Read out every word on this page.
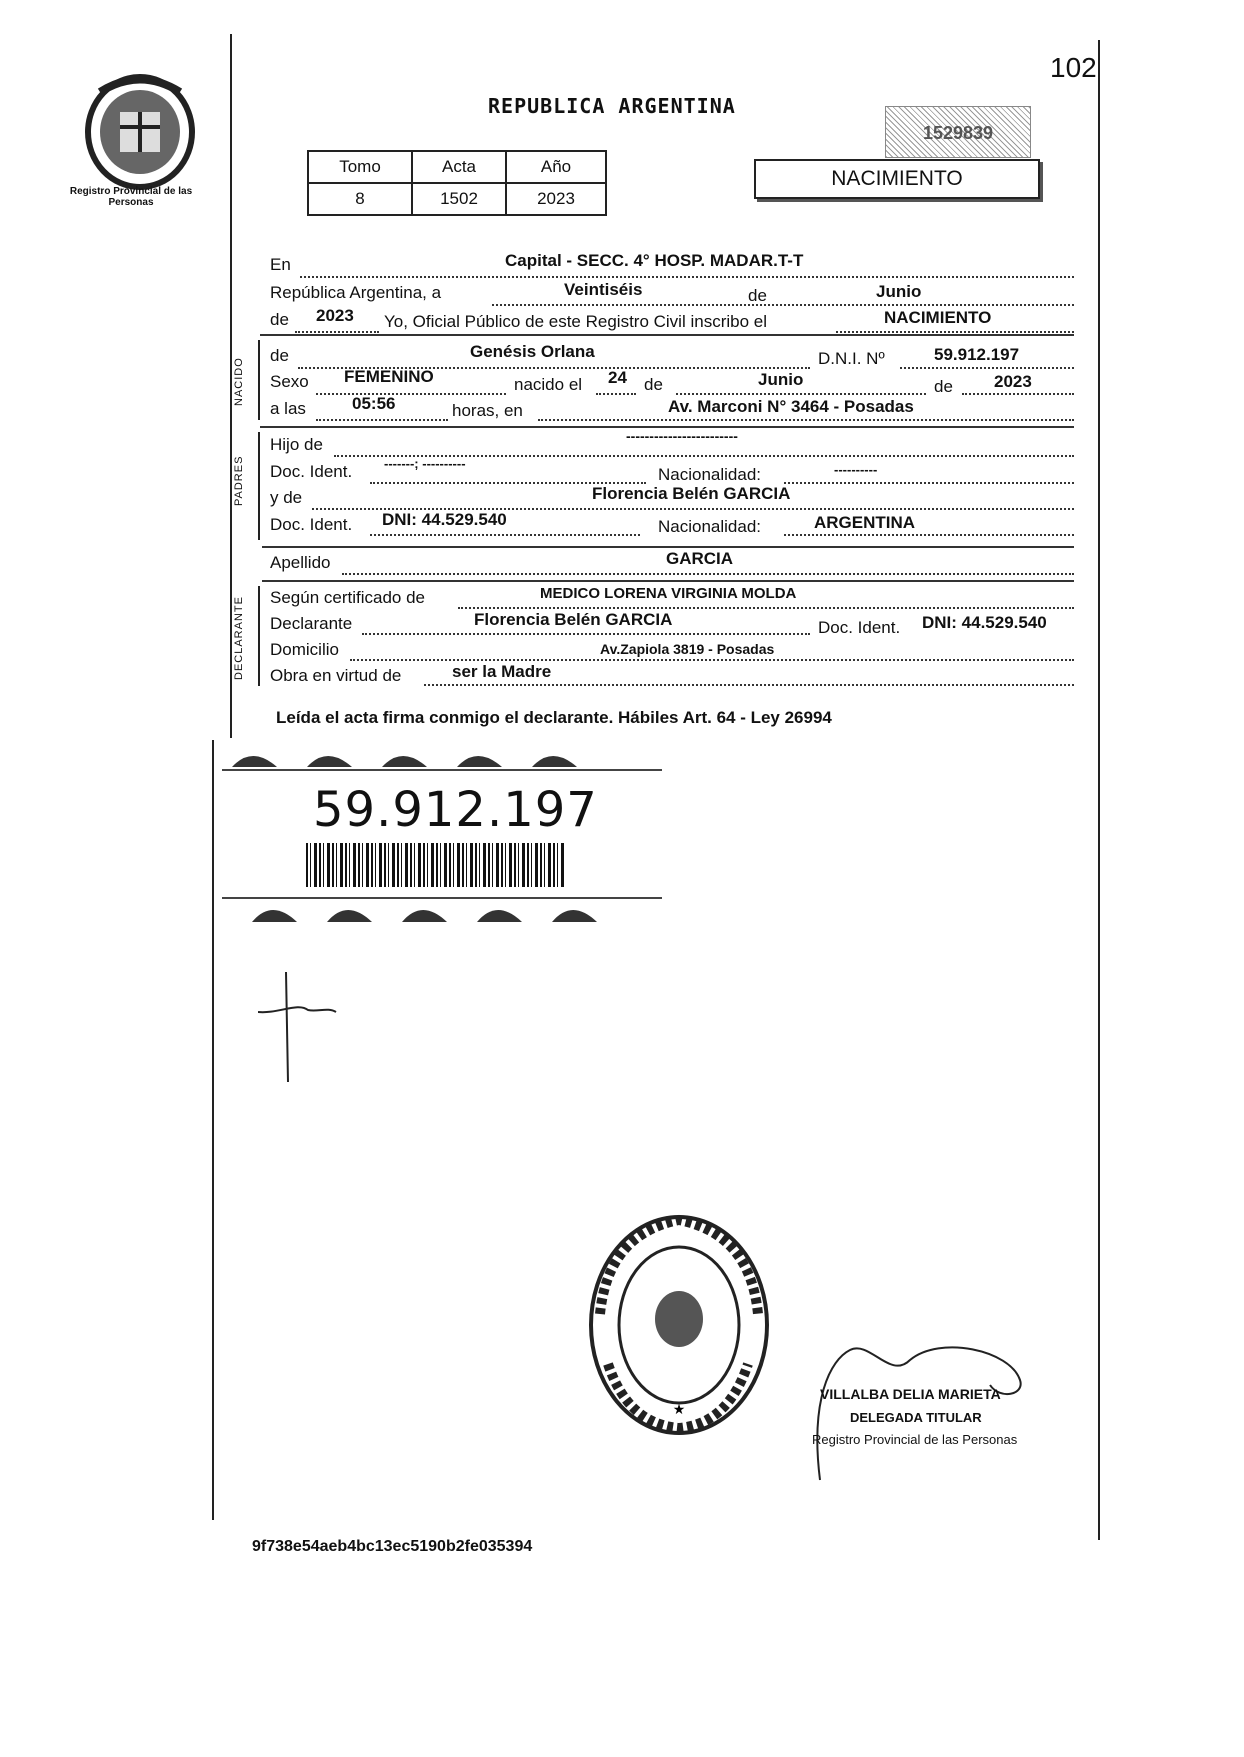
Registro Provincial de las Personas
102
REPUBLICA ARGENTINA
1529839
Tomo	Acta	Año
8	1502	2023
NACIMIENTO
En	Capital - SECC. 4° HOSP. MADAR.T-T
República Argentina, a	Veintiséis	de	Junio
de 2023 Yo, Oficial Público de este Registro Civil inscribo el	NACIMIENTO
NACIDO
de	Genésis Orlana	D.N.I. Nº	59.912.197
Sexo FEMENINO	nacido el 24 de	Junio	de 2023
a las	05:56	horas, en	Av. Marconi N° 3464 - Posadas
PADRES
Hijo de	------------------------
Doc. Ident. -------; ----------
Nacionalidad:	----------
y de	Florencia Belén GARCIA
Doc. Ident. DNI: 44.529.540	Nacionalidad:	ARGENTINA
Apellido	GARCIA
DECLARANTE Según certificado de	MEDICO LORENA VIRGINIA MOLDA
Declarante	Florencia Belén GARCIA	Doc. Ident. DNI: 44.529.540
Domicilio	Av.Zapiola 3819 - Posadas
Obra en virtud de	ser la Madre
Leída el acta firma conmigo el declarante. Hábiles Art. 64 - Ley 26994
59.912.197
★
VILLALBA DELIA MARIETA
DELEGADA TITULAR
Registro Provincial de las Personas
9f738e54aeb4bc13ec5190b2fe035394
